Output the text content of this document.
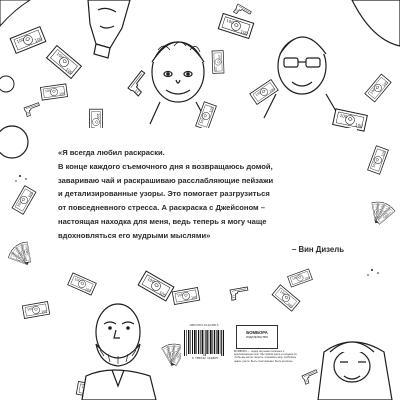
«Я всегда любил раскраски.
В конце каждого съемочного дня я возвращаюсь домой,
завариваю чай и раскрашиваю расслабляющие пейзажи
и детализированные узоры. Это помогает разгрузиться
от повседневного стресса. А раскраска с Джейсоном –
настоящая находка для меня, ведь теперь я могу чаще
вдохновляться его мудрыми мыслями»
– Вин Дизель
ISBN 978-5-04-211380-5
9 785042 113805
БОМБОРА
ИЗДАТЕЛЬСТВО
БОМБОРА — лидер на рынке полезных и вдохновляющих книг. Мы любим книги и создаем их, чтобы вы могли творить, открывать мир, пробовать новое, расти. Быть счастливыми. Быть на волне.
